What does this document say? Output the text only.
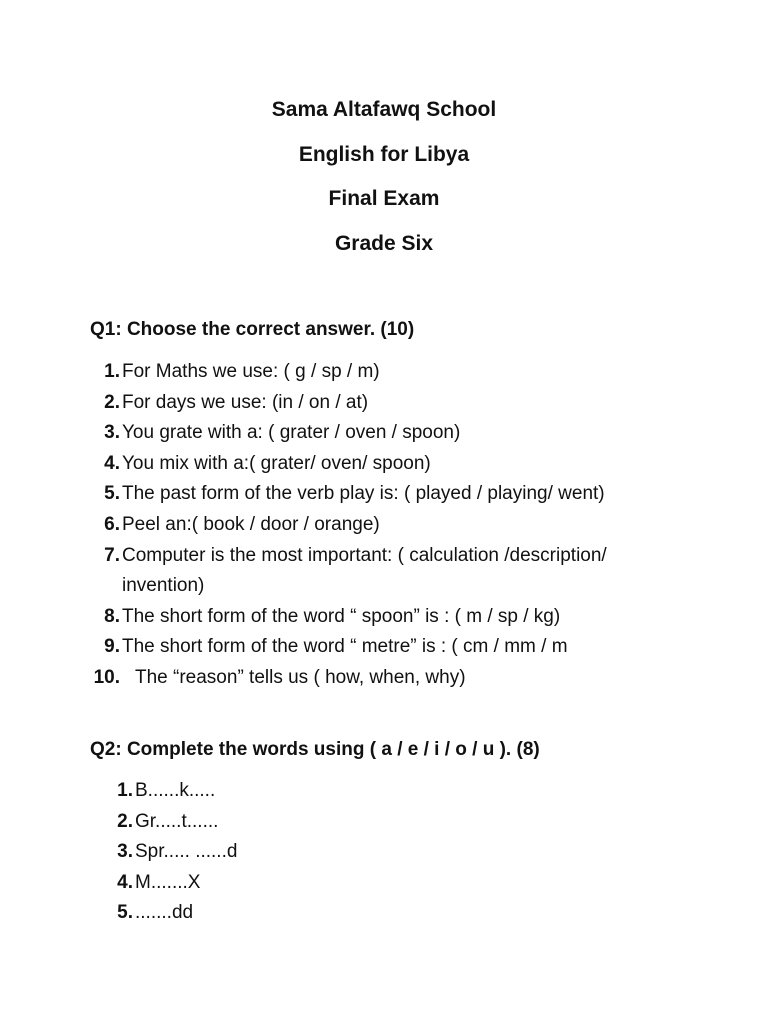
Sama Altafawq School
English for Libya
Final Exam
Grade Six
Q1: Choose the correct answer. (10)
1. For Maths we use: ( g / sp / m)
2. For days we use: (in / on / at)
3. You grate with a: ( grater / oven / spoon)
4. You mix with a:( grater/ oven/ spoon)
5. The past form of the verb play is: ( played / playing/ went)
6. Peel an:( book / door / orange)
7. Computer is the most important: ( calculation /description/ invention)
8. The short form of the word “ spoon” is : ( m / sp / kg)
9. The short form of the word “ metre” is : ( cm / mm / m
10. The “reason” tells us ( how, when, why)
Q2: Complete the words using ( a / e / i / o / u ). (8)
1. B......k.....
2. Gr.....t......
3. Spr..... ......d
4. M.......X
5. .......dd
